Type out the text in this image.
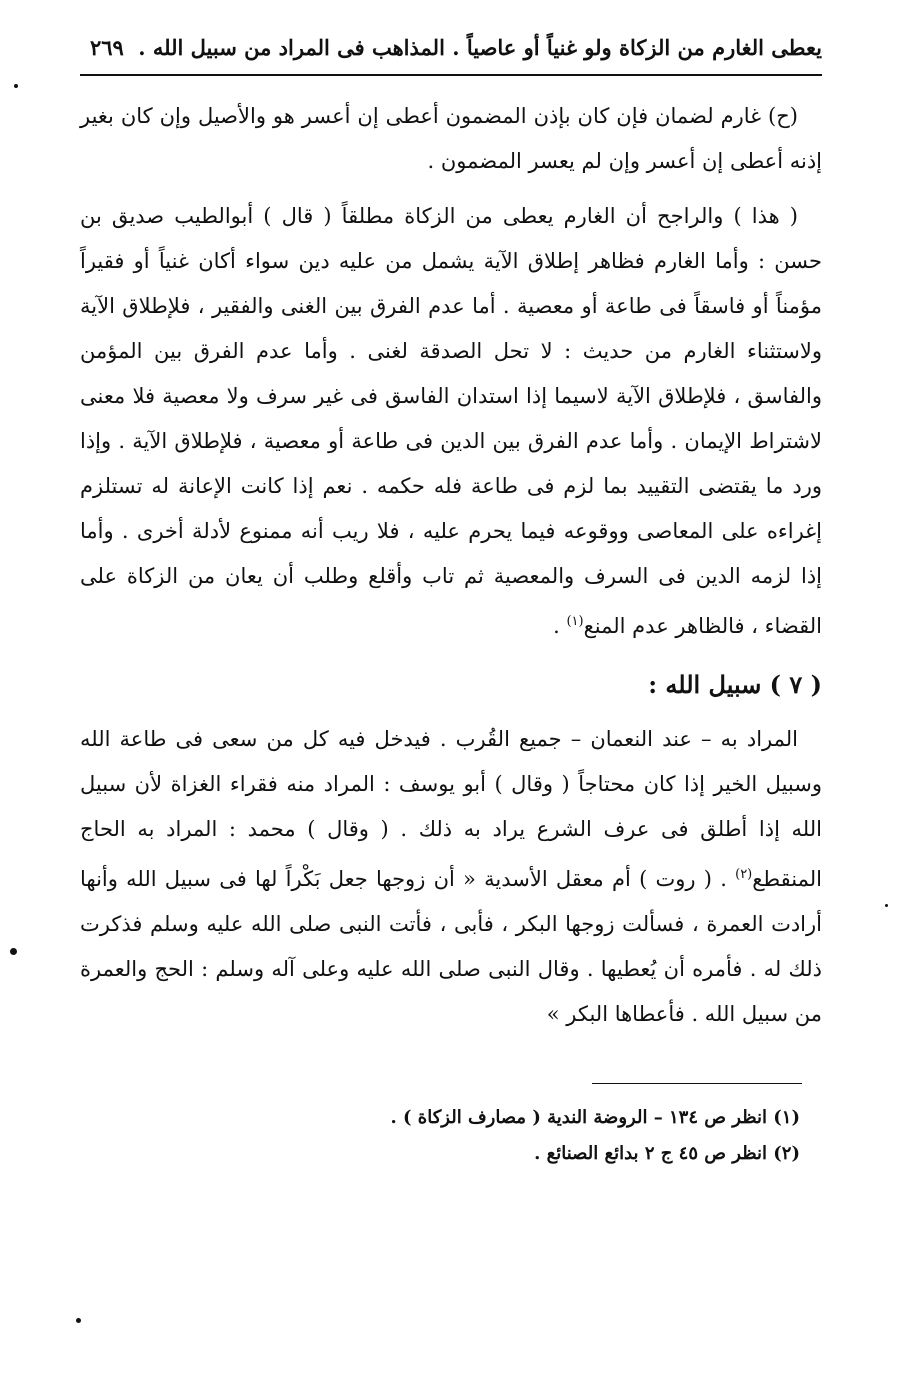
يعطى الغارم من الزكاة ولو غنياً أو عاصياً . المذاهب فى المراد من سبيل الله .
٢٦٩

(ح) غارم لضمان فإن كان بإذن المضمون أعطى إن أعسر هو والأصيل وإن كان بغير إذنه أعطى إن أعسر وإن لم يعسر المضمون .

( هذا ) والراجح أن الغارم يعطى من الزكاة مطلقاً ( قال ) أبوالطيب صديق بن حسن : وأما الغارم فظاهر إطلاق الآية يشمل من عليه دين سواء أكان غنياً أو فقيراً مؤمناً أو فاسقاً فى طاعة أو معصية . أما عدم الفرق بين الغنى والفقير ، فلإطلاق الآية ولاستثناء الغارم من حديث : لا تحل الصدقة لغنى . وأما عدم الفرق بين المؤمن والفاسق ، فلإطلاق الآية لاسيما إذا استدان الفاسق فى غير سرف ولا معصية فلا معنى لاشتراط الإيمان . وأما عدم الفرق بين الدين فى طاعة أو معصية ، فلإطلاق الآية . وإذا ورد ما يقتضى التقييد بما لزم فى طاعة فله حكمه . نعم إذا كانت الإعانة له تستلزم إغراءه على المعاصى ووقوعه فيما يحرم عليه ، فلا ريب أنه ممنوع لأدلة أخرى . وأما إذا لزمه الدين فى السرف والمعصية ثم تاب وأقلع وطلب أن يعان من الزكاة على القضاء ، فالظاهر عدم المنع$^{(١)}$ .

( ٧ ) سبيل الله :

المراد به – عند النعمان – جميع القُرب . فيدخل فيه كل من سعى فى طاعة الله وسبيل الخير إذا كان محتاجاً ( وقال ) أبو يوسف : المراد منه فقراء الغزاة لأن سبيل الله إذا أطلق فى عرف الشرع يراد به ذلك . ( وقال ) محمد : المراد به الحاج المنقطع$^{(٢)}$ . ( روت ) أم معقل الأسدية « أن زوجها جعل بَكْراً لها فى سبيل الله وأنها أرادت العمرة ، فسألت زوجها البكر ، فأبى ، فأتت النبى صلى الله عليه وسلم فذكرت ذلك له . فأمره أن يُعطيها . وقال النبى صلى الله عليه وعلى آله وسلم : الحج والعمرة من سبيل الله . فأعطاها البكر »

(١) انظر ص ١٣٤ – الروضة الندية ( مصارف الزكاة ) .

(٢) انظر ص ٤٥ ج ٢ بدائع الصنائع .
